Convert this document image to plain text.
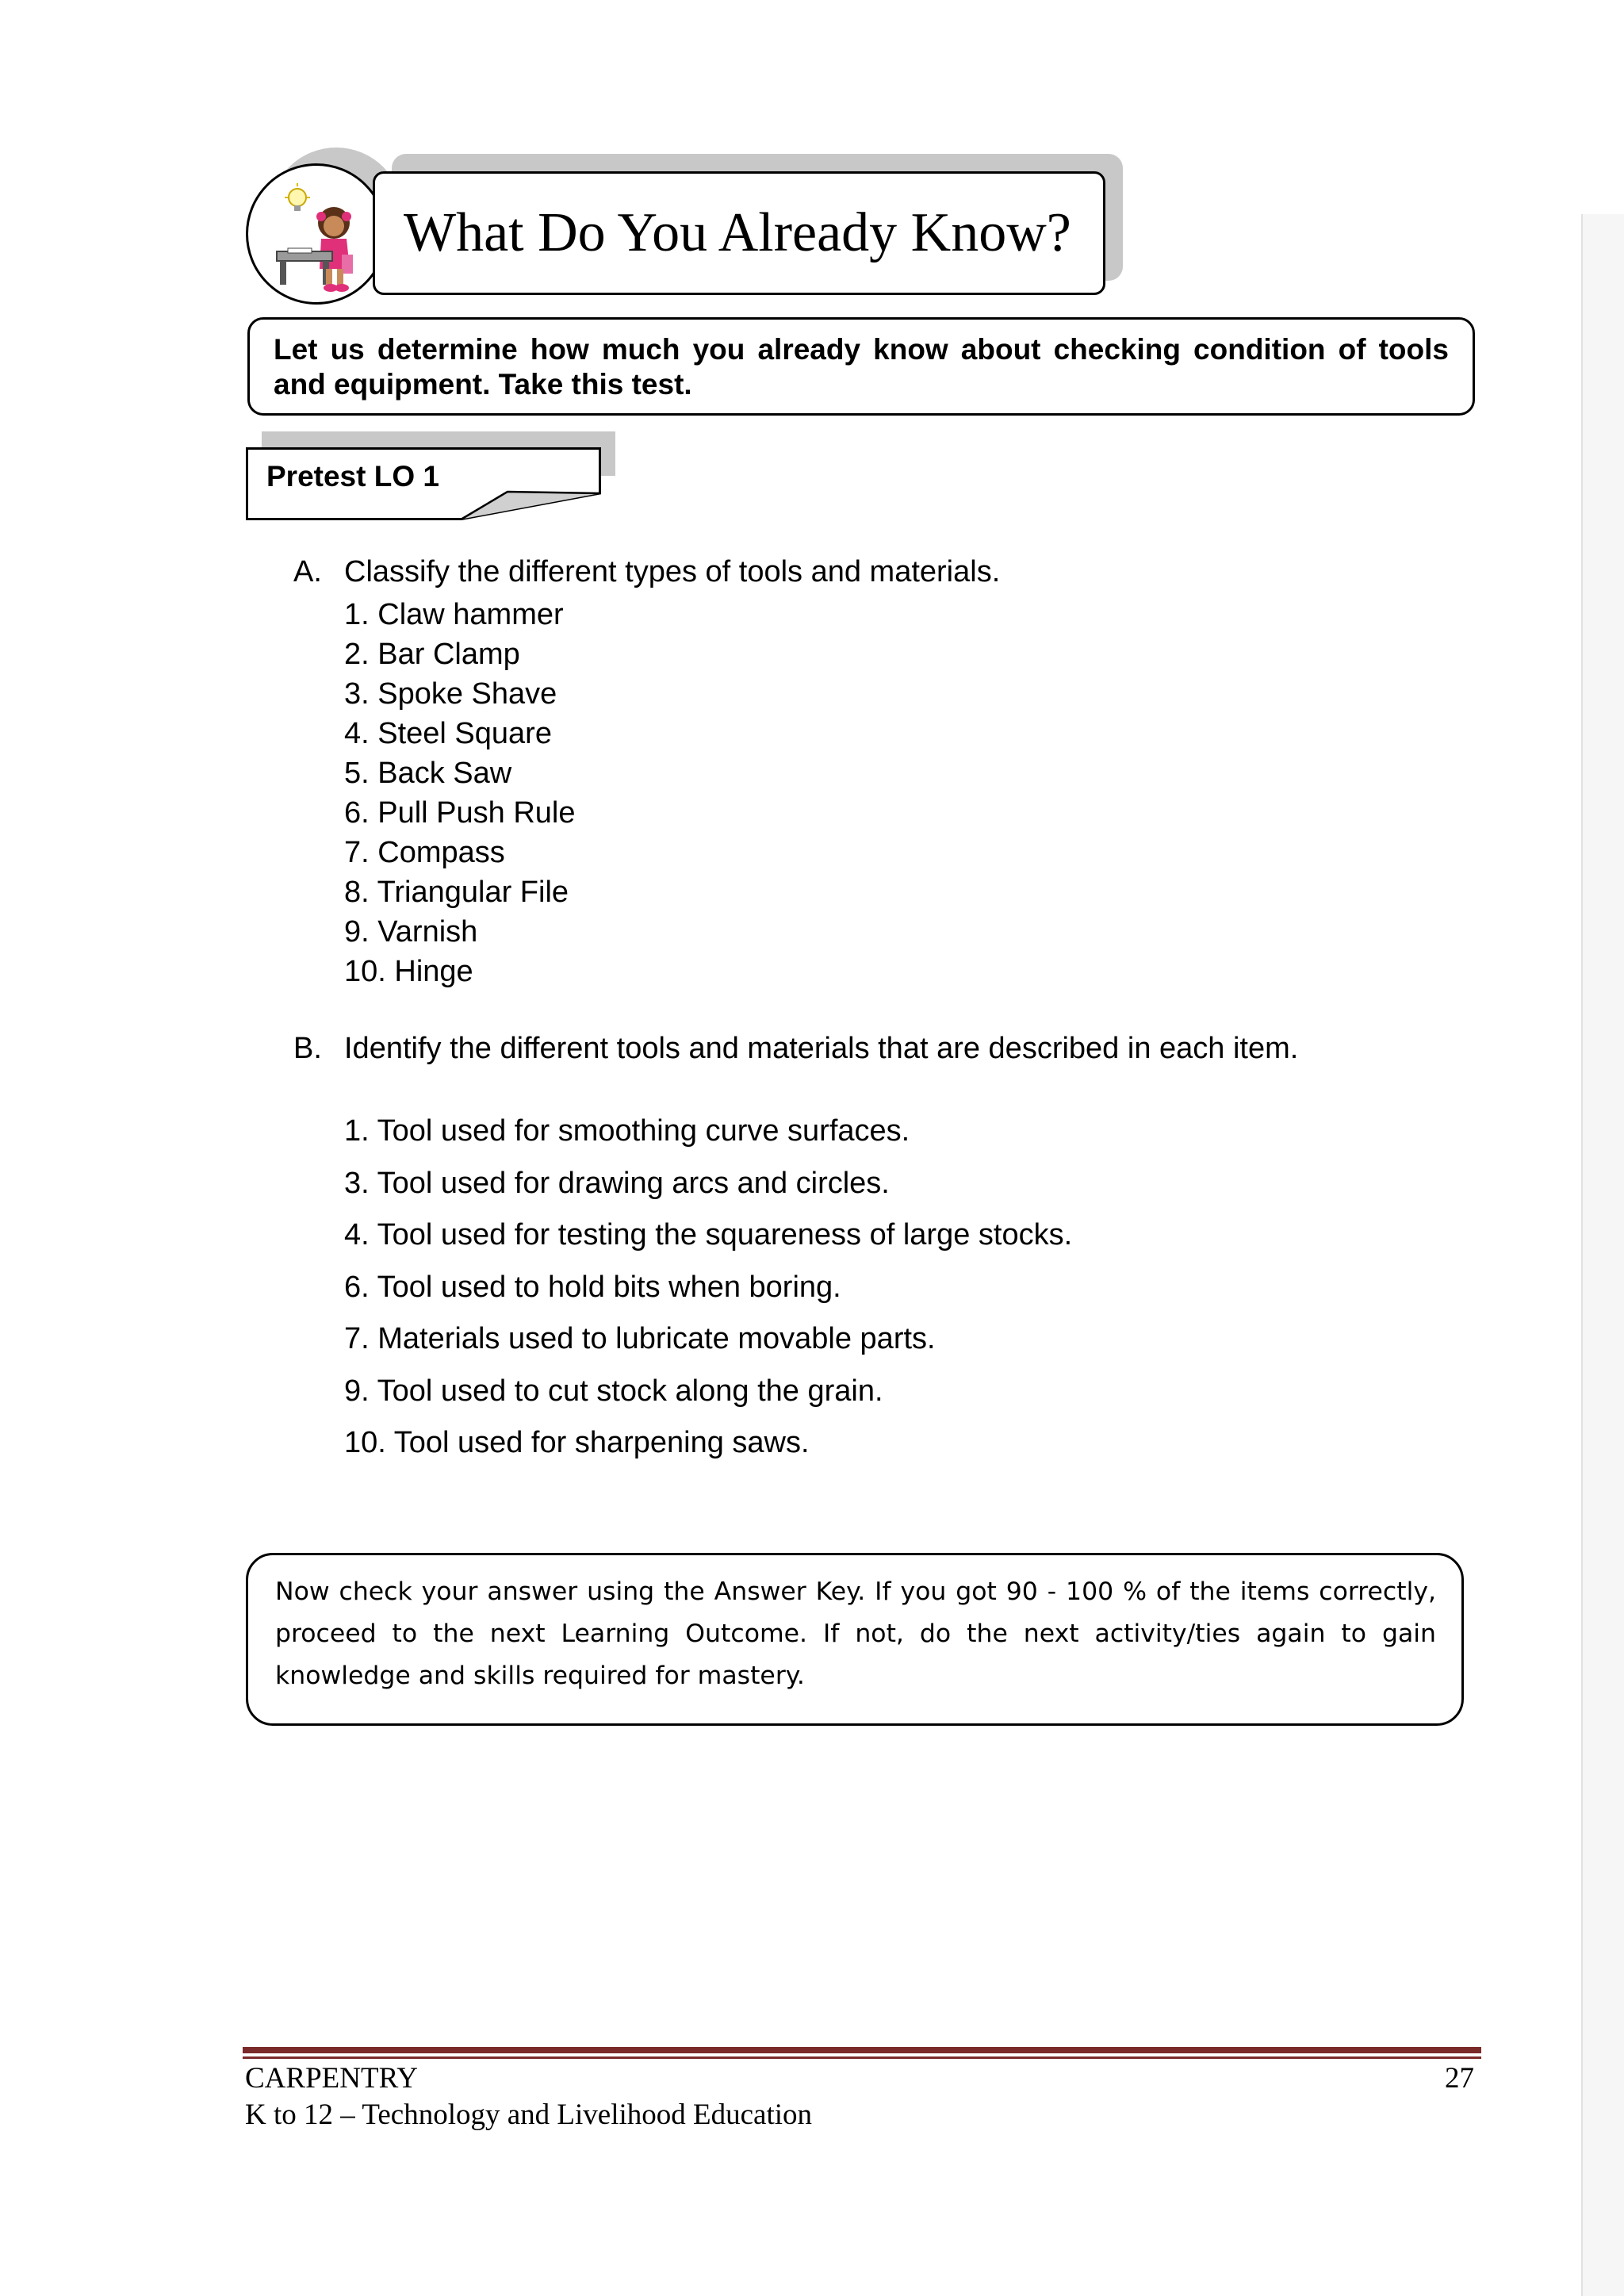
What Do You Already Know?
Let us determine how much you already know about checking condition of tools and equipment. Take this test.
Pretest LO 1
A. Classify the different types of tools and materials.
1. Claw hammer
2. Bar Clamp
3. Spoke Shave
4. Steel Square
5. Back Saw
6. Pull Push Rule
7. Compass
8. Triangular File
9. Varnish
10. Hinge
B. Identify the different tools and materials that are described in each item.
1. Tool used for smoothing curve surfaces.
3. Tool used for drawing arcs and circles.
4. Tool used for testing the squareness of large stocks.
6. Tool used to hold bits when boring.
7. Materials used to lubricate movable parts.
9. Tool used to cut stock along the grain.
10. Tool used for sharpening saws.
Now check your answer using the Answer Key. If you got 90 - 100 % of the items correctly, proceed to the next Learning Outcome. If not, do the next activity/ties again to gain knowledge and skills required for mastery.
CARPENTRY
K to 12 – Technology and Livelihood Education
27
